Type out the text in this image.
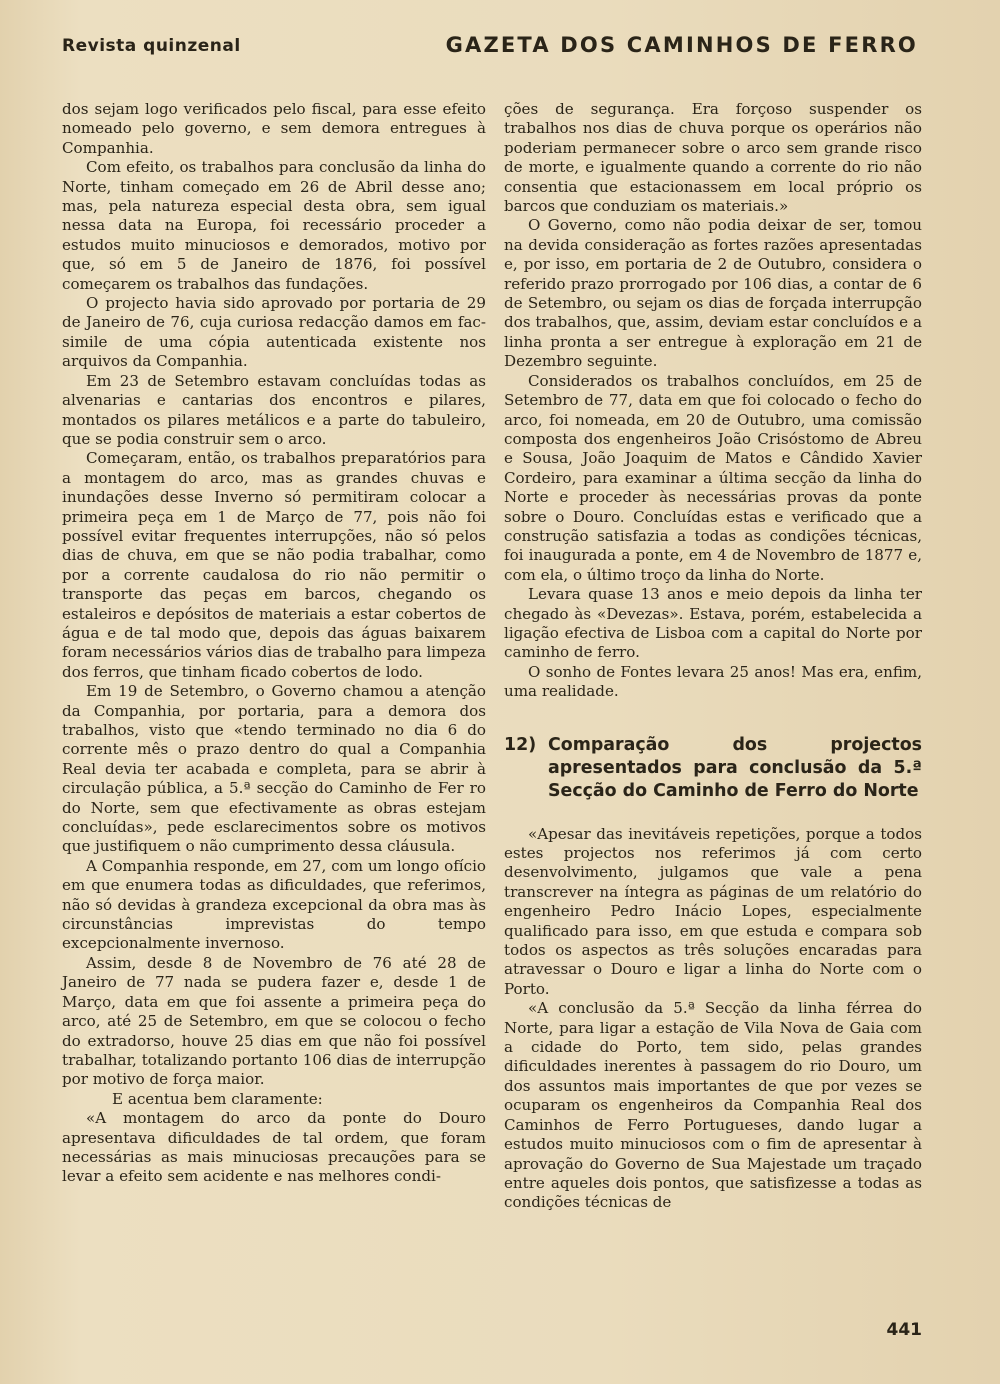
Revista quinzenal	GAZETA DOS CAMINHOS DE FERRO

dos sejam logo verificados pelo fiscal, para esse efeito nomeado pelo governo, e sem demora entregues à Companhia.

Com efeito, os trabalhos para conclusão da linha do Norte, tinham começado em 26 de Abril desse ano; mas, pela natureza especial desta obra, sem igual nessa data na Europa, foi recessário proceder a estudos muito minuciosos e demorados, motivo por que, só em 5 de Janeiro de 1876, foi possível começarem os trabalhos das fundações.

O projecto havia sido aprovado por portaria de 29 de Janeiro de 76, cuja curiosa redacção damos em fac-simile de uma cópia autenticada existente nos arquivos da Companhia.

Em 23 de Setembro estavam concluídas todas as alvenarias e cantarias dos encontros e pilares, montados os pilares metálicos e a parte do tabuleiro, que se podia construir sem o arco.

Começaram, então, os trabalhos preparatórios para a montagem do arco, mas as grandes chuvas e inundações desse Inverno só permitiram colocar a primeira peça em 1 de Março de 77, pois não foi possível evitar frequentes interrupções, não só pelos dias de chuva, em que se não podia trabalhar, como por a corrente caudalosa do rio não permitir o transporte das peças em barcos, chegando os estaleiros e depósitos de materiais a estar cobertos de água e de tal modo que, depois das águas baixarem foram necessários vários dias de trabalho para limpeza dos ferros, que tinham ficado cobertos de lodo.

Em 19 de Setembro, o Governo chamou a atenção da Companhia, por portaria, para a demora dos trabalhos, visto que «tendo terminado no dia 6 do corrente mês o prazo dentro do qual a Companhia Real devia ter acabada e completa, para se abrir à circulação pública, a 5.ª secção do Caminho de Fer ro do Norte, sem que efectivamente as obras estejam concluídas», pede esclarecimentos sobre os motivos que justifiquem o não cumprimento dessa cláusula.

A Companhia responde, em 27, com um longo ofício em que enumera todas as dificuldades, que referimos, não só devidas à grandeza excepcional da obra mas às circunstâncias imprevistas do tempo excepcionalmente invernoso.

Assim, desde 8 de Novembro de 76 até 28 de Janeiro de 77 nada se pudera fazer e, desde 1 de Março, data em que foi assente a primeira peça do arco, até 25 de Setembro, em que se colocou o fecho do extradorso, houve 25 dias em que não foi possível trabalhar, totalizando portanto 106 dias de interrupção por motivo de força maior.

E acentua bem claramente:

«A montagem do arco da ponte do Douro apresentava dificuldades de tal ordem, que foram necessárias as mais minuciosas precauções para se levar a efeito sem acidente e nas melhores condi-

ções de segurança. Era forçoso suspender os trabalhos nos dias de chuva porque os operários não poderiam permanecer sobre o arco sem grande risco de morte, e igualmente quando a corrente do rio não consentia que estacionassem em local próprio os barcos que conduziam os materiais.»

O Governo, como não podia deixar de ser, tomou na devida consideração as fortes razões apresentadas e, por isso, em portaria de 2 de Outubro, considera o referido prazo prorrogado por 106 dias, a contar de 6 de Setembro, ou sejam os dias de forçada interrupção dos trabalhos, que, assim, deviam estar concluídos e a linha pronta a ser entregue à exploração em 21 de Dezembro seguinte.

Considerados os trabalhos concluídos, em 25 de Setembro de 77, data em que foi colocado o fecho do arco, foi nomeada, em 20 de Outubro, uma comissão composta dos engenheiros João Crisóstomo de Abreu e Sousa, João Joaquim de Matos e Cândido Xavier Cordeiro, para examinar a última secção da linha do Norte e proceder às necessárias provas da ponte sobre o Douro. Concluídas estas e verificado que a construção satisfazia a todas as condições técnicas, foi inaugurada a ponte, em 4 de Novembro de 1877 e, com ela, o último troço da linha do Norte.

Levara quase 13 anos e meio depois da linha ter chegado às «Devezas». Estava, porém, estabelecida a ligação efectiva de Lisboa com a capital do Norte por caminho de ferro.

O sonho de Fontes levara 25 anos! Mas era, enfim, uma realidade.

12) Comparação dos projectos apresentados para conclusão da 5.ª Secção do Caminho de Ferro do Norte

«Apesar das inevitáveis repetições, porque a todos estes projectos nos referimos já com certo desenvolvimento, julgamos que vale a pena transcrever na íntegra as páginas de um relatório do engenheiro Pedro Inácio Lopes, especialmente qualificado para isso, em que estuda e compara sob todos os aspectos as três soluções encaradas para atravessar o Douro e ligar a linha do Norte com o Porto.

«A conclusão da 5.ª Secção da linha férrea do Norte, para ligar a estação de Vila Nova de Gaia com a cidade do Porto, tem sido, pelas grandes dificuldades inerentes à passagem do rio Douro, um dos assuntos mais importantes de que por vezes se ocuparam os engenheiros da Companhia Real dos Caminhos de Ferro Portugueses, dando lugar a estudos muito minuciosos com o fim de apresentar à aprovação do Governo de Sua Majestade um traçado entre aqueles dois pontos, que satisfizesse a todas as condições técnicas de

441
